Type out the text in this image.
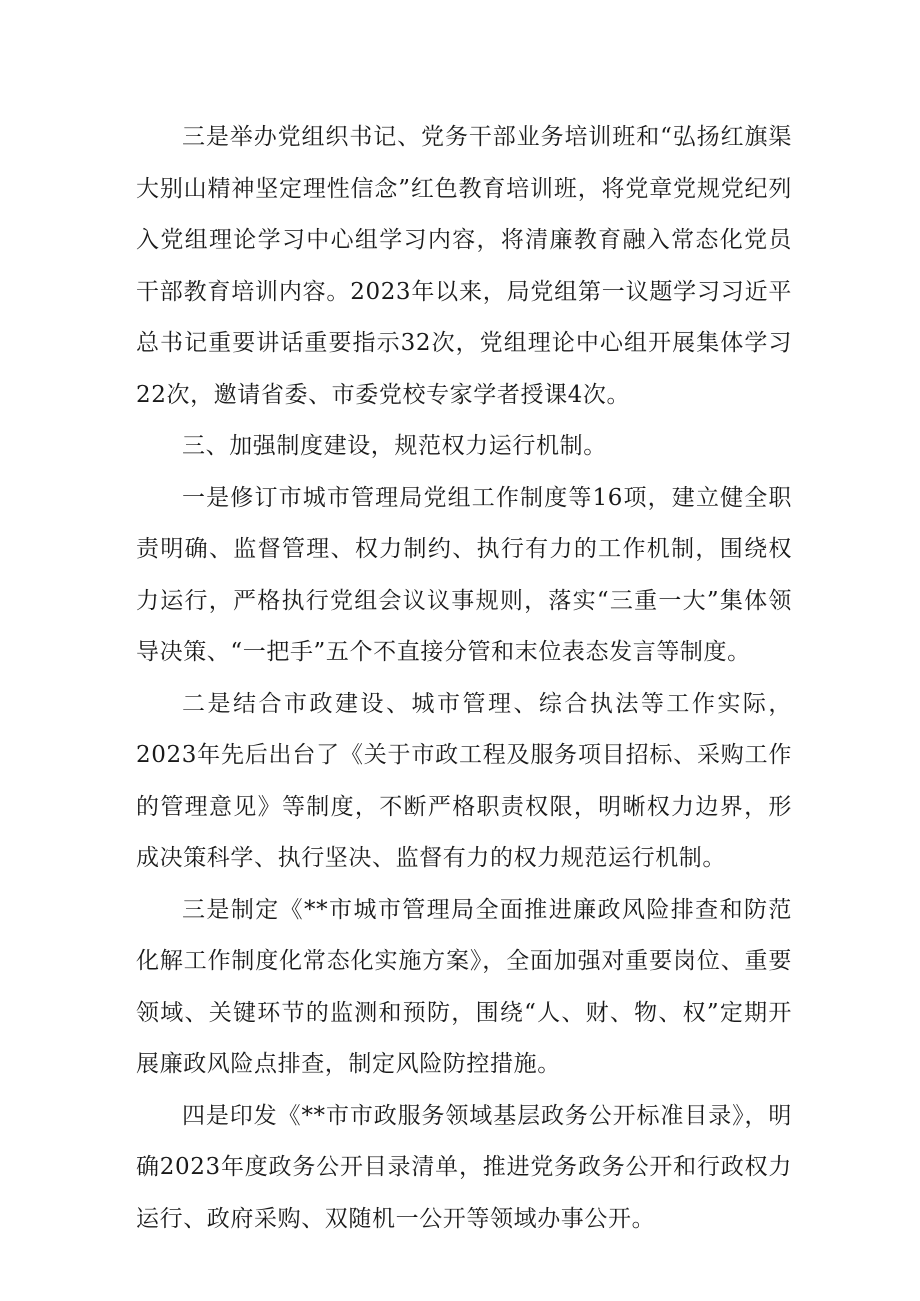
三是举办党组织书记、党务干部业务培训班和“弘扬红旗渠大别山精神坚定理性信念”红色教育培训班，将党章党规党纪列入党组理论学习中心组学习内容，将清廉教育融入常态化党员干部教育培训内容。2023年以来，局党组第一议题学习习近平总书记重要讲话重要指示32次，党组理论中心组开展集体学习22次，邀请省委、市委党校专家学者授课4次。

三、加强制度建设，规范权力运行机制。

一是修订市城市管理局党组工作制度等16项，建立健全职责明确、监督管理、权力制约、执行有力的工作机制，围绕权力运行，严格执行党组会议议事规则，落实“三重一大”集体领导决策、“一把手”五个不直接分管和末位表态发言等制度。

二是结合市政建设、城市管理、综合执法等工作实际，2023年先后出台了《关于市政工程及服务项目招标、采购工作的管理意见》等制度，不断严格职责权限，明晰权力边界，形成决策科学、执行坚决、监督有力的权力规范运行机制。

三是制定《**市城市管理局全面推进廉政风险排查和防范化解工作制度化常态化实施方案》，全面加强对重要岗位、重要领域、关键环节的监测和预防，围绕“人、财、物、权”定期开展廉政风险点排查，制定风险防控措施。

四是印发《**市市政服务领域基层政务公开标准目录》，明确2023年度政务公开目录清单，推进党务政务公开和行政权力运行、政府采购、双随机一公开等领域办事公开。
